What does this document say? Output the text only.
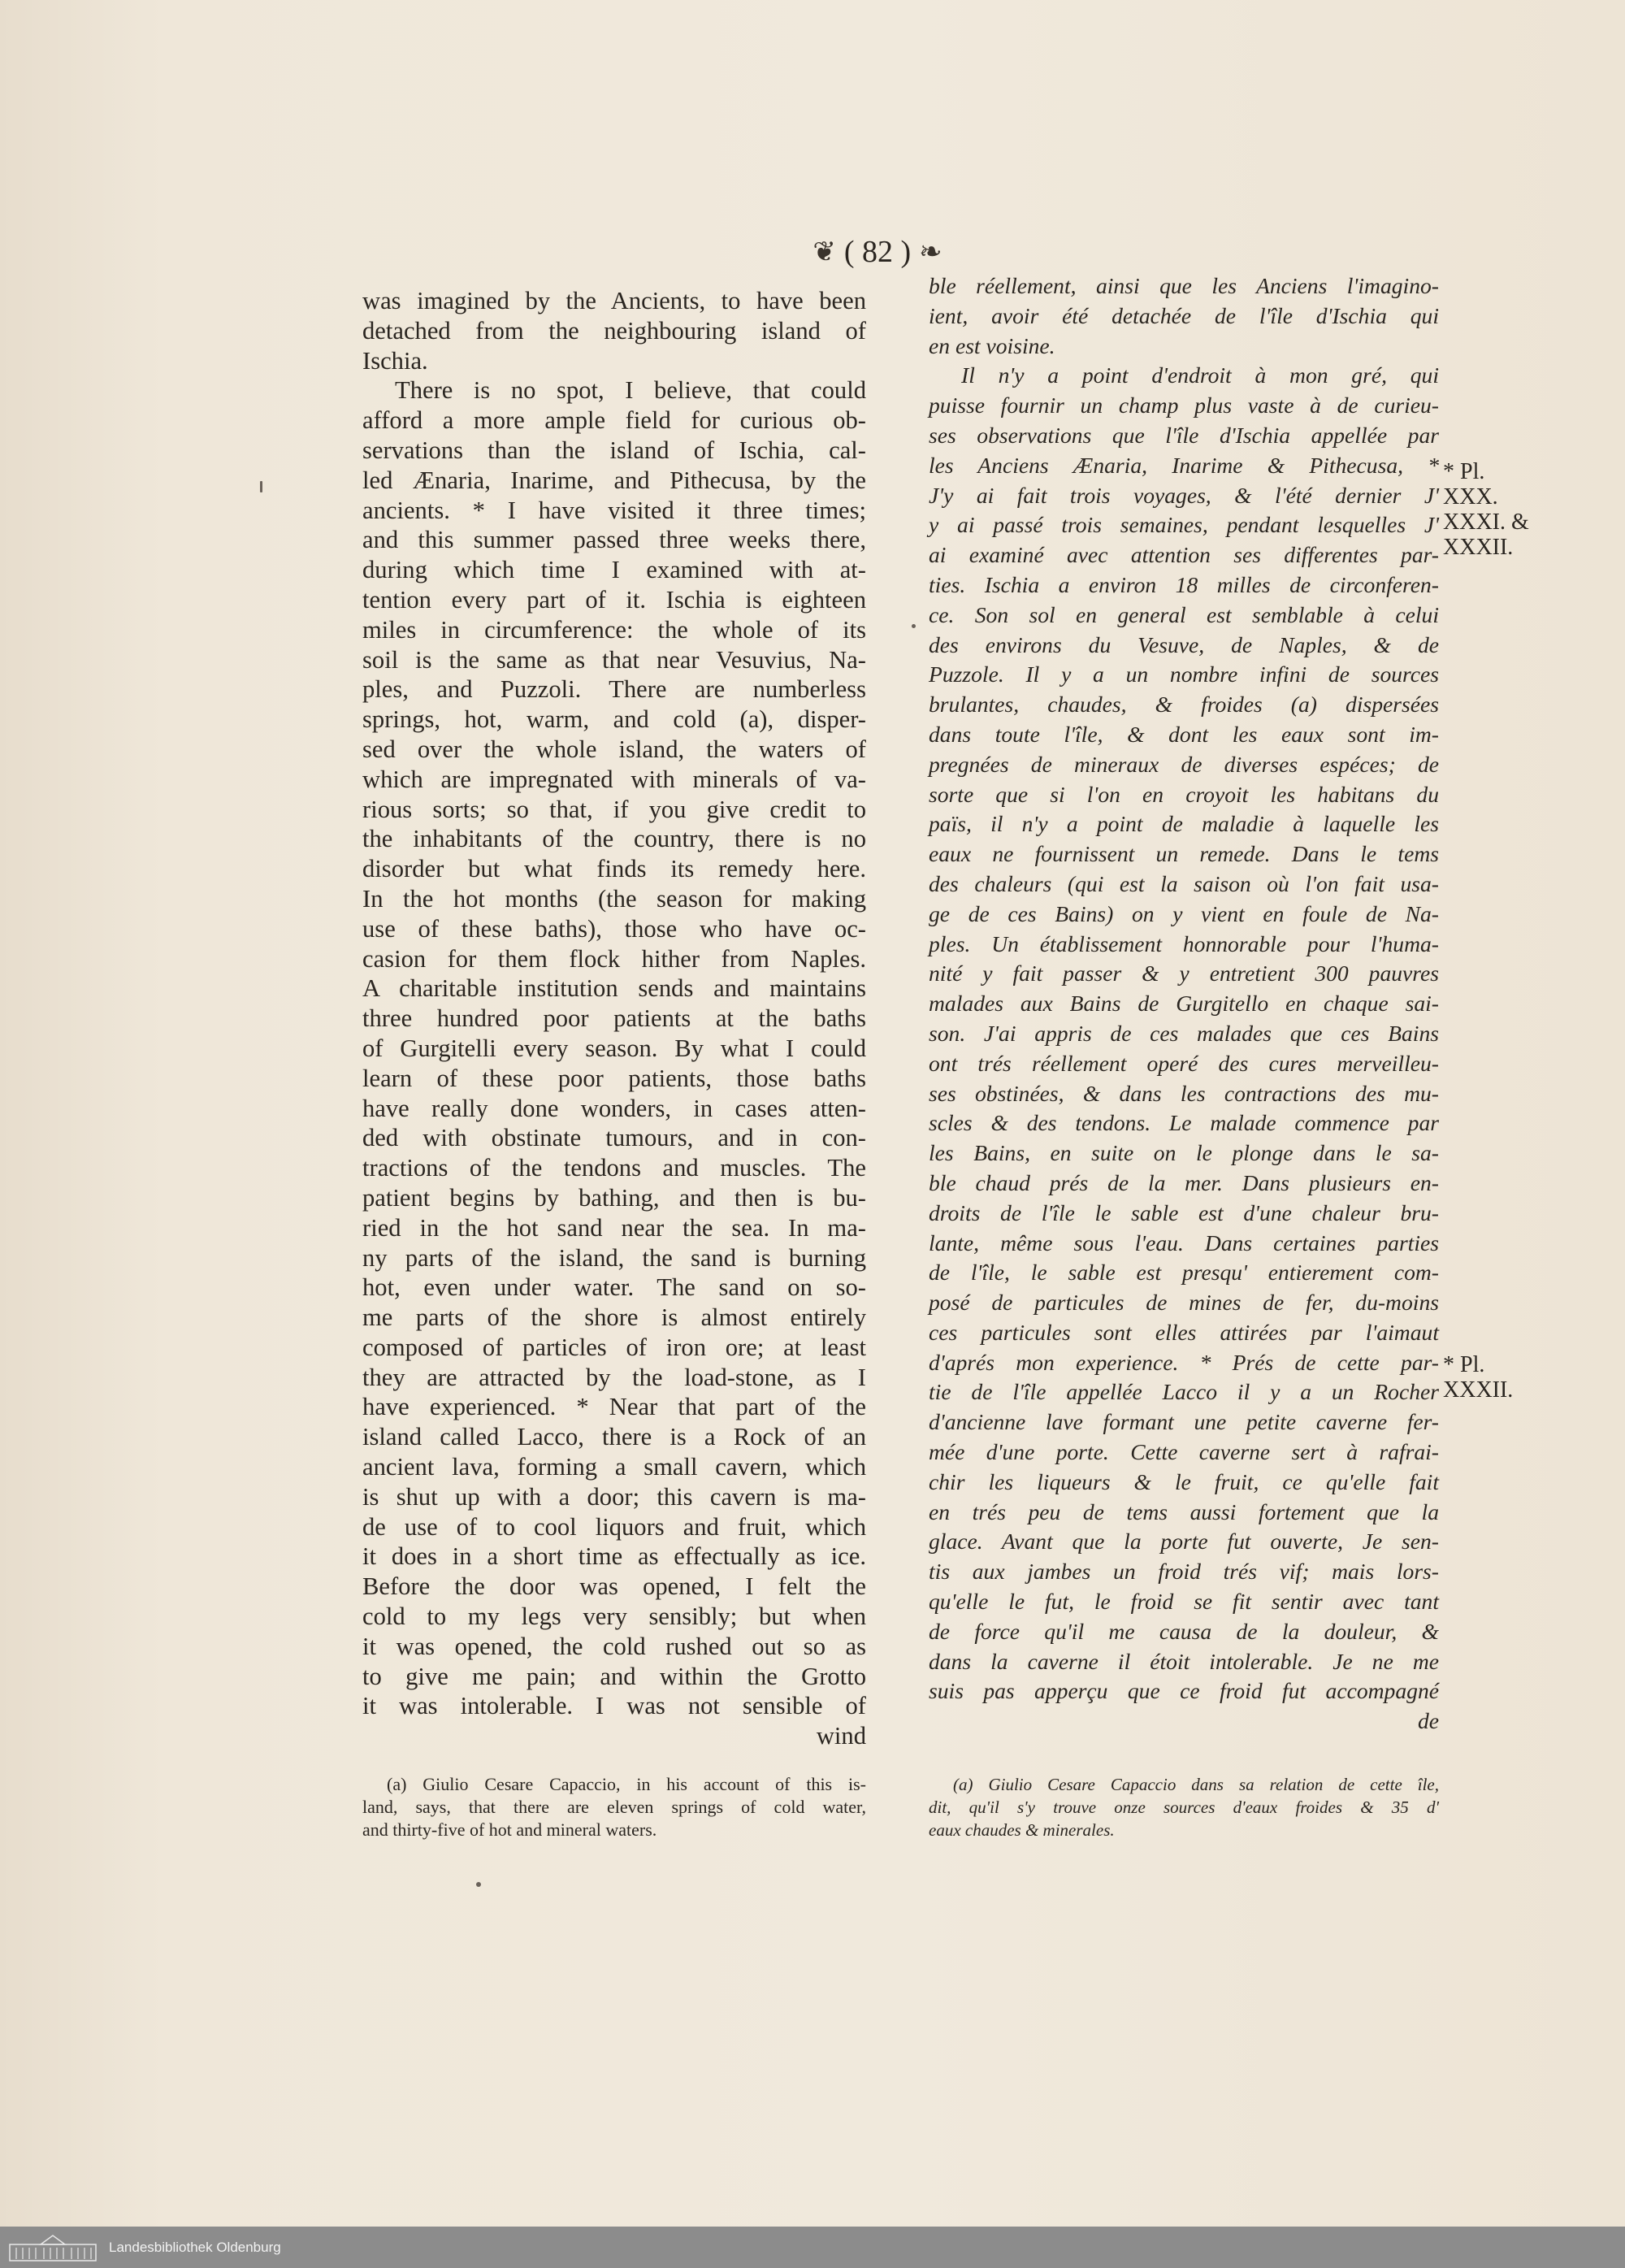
❦ ( 82 ) ❧
was imagined by the Ancients, to have been
detached from the neighbouring island of
Ischia.
There is no spot, I believe, that could
afford a more ample field for curious ob-
servations than the island of Ischia, cal-
led Ænaria, Inarime, and Pithecusa, by the
ancients. * I have visited it three times;
and this summer passed three weeks there,
during which time I examined with at-
tention every part of it. Ischia is eighteen
miles in circumference: the whole of its
soil is the same as that near Vesuvius, Na-
ples, and Puzzoli. There are numberless
springs, hot, warm, and cold (a), disper-
sed over the whole island, the waters of
which are impregnated with minerals of va-
rious sorts; so that, if you give credit to
the inhabitants of the country, there is no
disorder but what finds its remedy here.
In the hot months (the season for making
use of these baths), those who have oc-
casion for them flock hither from Naples.
A charitable institution sends and maintains
three hundred poor patients at the baths
of Gurgitelli every season. By what I could
learn of these poor patients, those baths
have really done wonders, in cases atten-
ded with obstinate tumours, and in con-
tractions of the tendons and muscles. The
patient begins by bathing, and then is bu-
ried in the hot sand near the sea. In ma-
ny parts of the island, the sand is burning
hot, even under water. The sand on so-
me parts of the shore is almost entirely
composed of particles of iron ore; at least
they are attracted by the load-stone, as I
have experienced. * Near that part of the
island called Lacco, there is a Rock of an
ancient lava, forming a small cavern, which
is shut up with a door; this cavern is ma-
de use of to cool liquors and fruit, which
it does in a short time as effectually as ice.
Before the door was opened, I felt the
cold to my legs very sensibly; but when
it was opened, the cold rushed out so as
to give me pain; and within the Grotto
it was intolerable. I was not sensible of
wind
ble réellement, ainsi que les Anciens l'imagino-
ient, avoir été detachée de l'île d'Ischia qui
en est voisine.
Il n'y a point d'endroit à mon gré, qui
puisse fournir un champ plus vaste à de curieu-
ses observations que l'île d'Ischia appellée par
les Anciens Ænaria, Inarime & Pithecusa, *
J'y ai fait trois voyages, & l'été dernier J'
y ai passé trois semaines, pendant lesquelles J'
ai examiné avec attention ses differentes par-
ties. Ischia a environ 18 milles de circonferen-
ce. Son sol en general est semblable à celui
des environs du Vesuve, de Naples, & de
Puzzole. Il y a un nombre infini de sources
brulantes, chaudes, & froides (a) dispersées
dans toute l'île, & dont les eaux sont im-
pregnées de mineraux de diverses espéces; de
sorte que si l'on en croyoit les habitans du
païs, il n'y a point de maladie à laquelle les
eaux ne fournissent un remede. Dans le tems
des chaleurs (qui est la saison où l'on fait usa-
ge de ces Bains) on y vient en foule de Na-
ples. Un établissement honnorable pour l'huma-
nité y fait passer & y entretient 300 pauvres
malades aux Bains de Gurgitello en chaque sai-
son. J'ai appris de ces malades que ces Bains
ont trés réellement operé des cures merveilleu-
ses obstinées, & dans les contractions des mu-
scles & des tendons. Le malade commence par
les Bains, en suite on le plonge dans le sa-
ble chaud prés de la mer. Dans plusieurs en-
droits de l'île le sable est d'une chaleur bru-
lante, même sous l'eau. Dans certaines parties
de l'île, le sable est presqu' entierement com-
posé de particules de mines de fer, du-moins
ces particules sont elles attirées par l'aimaut
d'aprés mon experience. * Prés de cette par-
tie de l'île appellée Lacco il y a un Rocher
d'ancienne lave formant une petite caverne fer-
mée d'une porte. Cette caverne sert à rafrai-
chir les liqueurs & le fruit, ce qu'elle fait
en trés peu de tems aussi fortement que la
glace. Avant que la porte fut ouverte, Je sen-
tis aux jambes un froid trés vif; mais lors-
qu'elle le fut, le froid se fit sentir avec tant
de force qu'il me causa de la douleur, &
dans la caverne il étoit intolerable. Je ne me
suis pas apperçu que ce froid fut accompagné
de
* Pl.
XXX.
XXXI. &
XXXII.
* Pl.
XXXII.
(a) Giulio Cesare Capaccio, in his account of this is-
land, says, that there are eleven springs of cold water,
and thirty-five of hot and mineral waters.
(a) Giulio Cesare Capaccio dans sa relation de cette île,
dit, qu'il s'y trouve onze sources d'eaux froides & 35 d'
eaux chaudes & minerales.
Landesbibliothek Oldenburg
